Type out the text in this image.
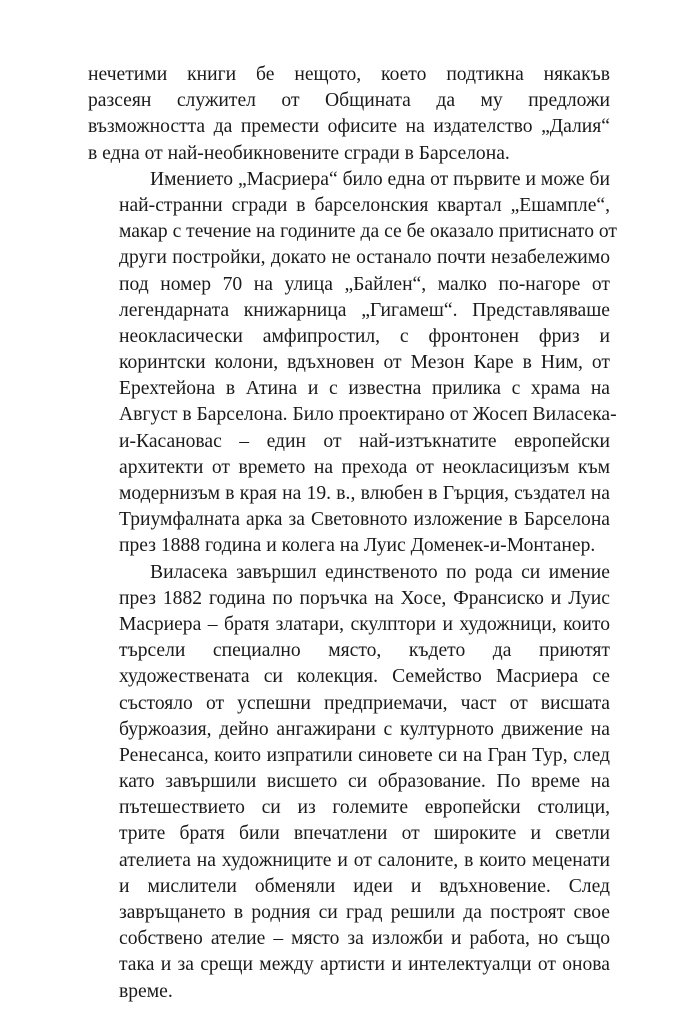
нечетими книги бе нещото, което подтикна някакъв
разсеян служител от Общината да му предложи
възможността да премести офисите на издателство „Далия“
в една от най-необикновените сгради в Барселона.
Имението „Масриера“ било една от първите и може би
най-странни сгради в барселонския квартал „Ешампле“,
макар с течение на годините да се бе оказало притиснато от
други постройки, докато не останало почти незабележимо
под номер 70 на улица „Байлен“, малко по-нагоре от
легендарната книжарница „Гигамеш“. Представляваше
неокласически амфипростил, с фронтонен фриз и
коринтски колони, вдъхновен от Мезон Каре в Ним, от
Ерехтейона в Атина и с известна прилика с храма на
Август в Барселона. Било проектирано от Жосеп Виласека-
и-Касановас – един от най-изтъкнатите европейски
архитекти от времето на прехода от неокласицизъм към
модернизъм в края на 19. в., влюбен в Гърция, създател на
Триумфалната арка за Световното изложение в Барселона
през 1888 година и колега на Луис Доменек-и-Монтанер.
Виласека завършил единственото по рода си имение
през 1882 година по поръчка на Хосе, Франсиско и Луис
Масриера – братя златари, скулптори и художници, които
търсели специално място, където да приютят
художествената си колекция. Семейство Масриера се
състояло от успешни предприемачи, част от висшата
буржоазия, дейно ангажирани с културното движение на
Ренесанса, които изпратили синовете си на Гран Тур, след
като завършили висшето си образование. По време на
пътешествието си из големите европейски столици,
трите братя били впечатлени от широките и светли
ателиета на художниците и от салоните, в които меценати
и мислители обменяли идеи и вдъхновение. След
завръщането в родния си град решили да построят свое
собствено ателие – място за изложби и работа, но също
така и за срещи между артисти и интелектуалци от онова
време.
